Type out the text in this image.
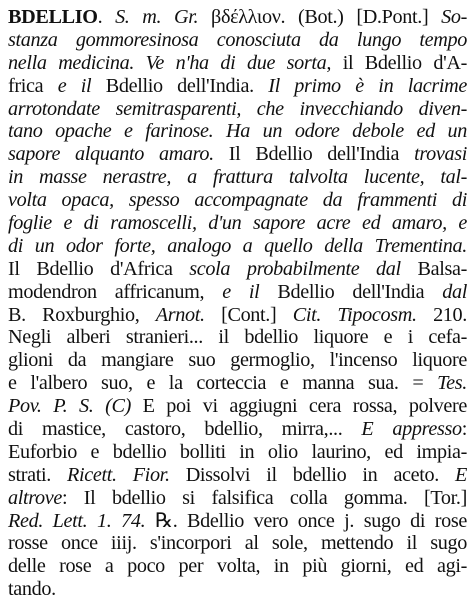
BDELLIO. S. m. Gr. βδέλλιον. (Bot.) [D.Pont.] So-
stanza gommoresinosa conosciuta da lungo tempo
nella medicina. Ve n'ha di due sorta, il Bdellio d'A-
frica e il Bdellio dell'India. Il primo è in lacrime
arrotondate semitrasparenti, che invecchiando diven-
tano opache e farinose. Ha un odore debole ed un
sapore alquanto amaro. Il Bdellio dell'India trovasi
in masse nerastre, a frattura talvolta lucente, tal-
volta opaca, spesso accompagnate da frammenti di
foglie e di ramoscelli, d'un sapore acre ed amaro, e
di un odor forte, analogo a quello della Trementina.
Il Bdellio d'Africa scola probabilmente dal Balsa-
modendron affricanum, e il Bdellio dell'India dal
B. Roxburghio, Arnot. [Cont.] Cit. Tipocosm. 210.
Negli alberi stranieri... il bdellio liquore e i cefa-
glioni da mangiare suo germoglio, l'incenso liquore
e l'albero suo, e la corteccia e manna sua. = Tes.
Pov. P. S. (C) E poi vi aggiugni cera rossa, polvere
di mastice, castoro, bdellio, mirra,... E appresso:
Euforbio e bdellio bolliti in olio laurino, ed impia-
strati. Ricett. Fior. Dissolvi il bdellio in aceto. E
altrove: Il bdellio si falsifica colla gomma. [Tor.]
Red. Lett. 1. 74. ℞. Bdellio vero once j. sugo di rose
rosse once iiij. s'incorpori al sole, mettendo il sugo
delle rose a poco per volta, in più giorni, ed agi-
tando.
